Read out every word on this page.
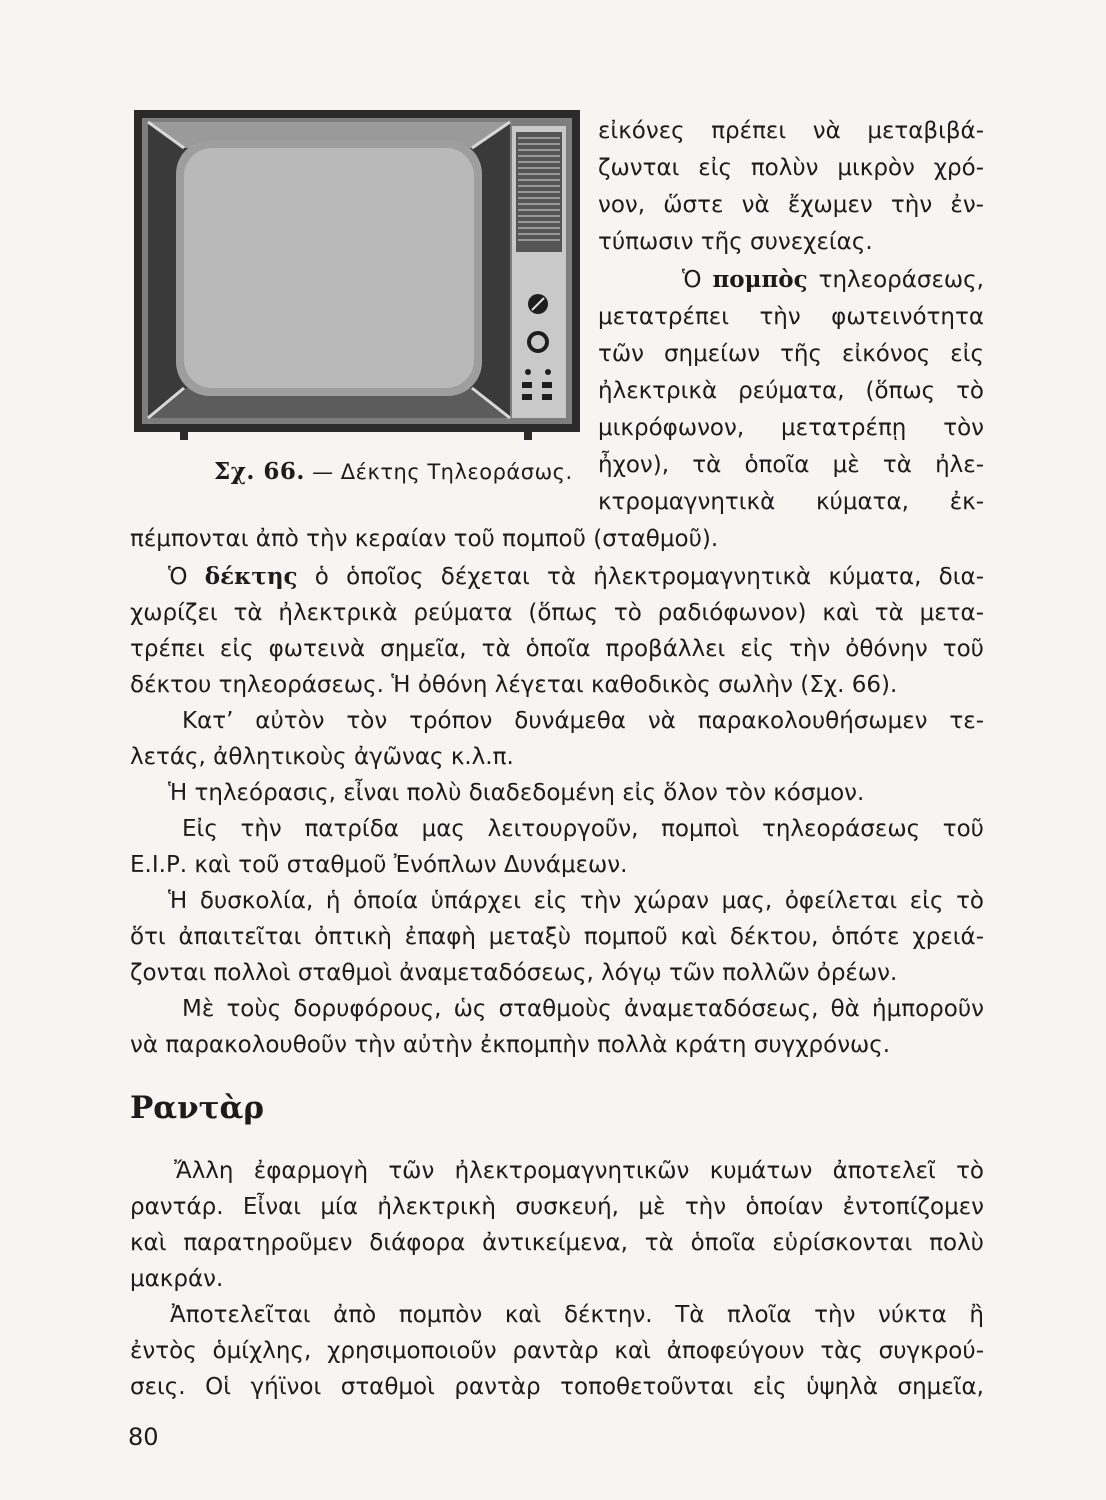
Σχ. 66. — Δέκτης Τηλεοράσως.
εἰκόνες πρέπει νὰ μεταβιβά-
ζωνται εἰς πολὺν μικρὸν χρό-
νον, ὥστε νὰ ἔχωμεν τὴν ἐν-
τύπωσιν τῆς συνεχείας.
Ὁ πομπὸς τηλεοράσεως,
μετατρέπει τὴν φωτεινότητα
τῶν σημείων τῆς εἰκόνος εἰς
ἠλεκτρικὰ ρεύματα, (ὅπως τὸ
μικρόφωνον, μετατρέπῃ τὸν
ἦχον), τὰ ὁποῖα μὲ τὰ ἠλε-
κτρομαγνητικὰ κύματα, ἐκ-
πέμπονται ἀπὸ τὴν κεραίαν τοῦ πομποῦ (σταθμοῦ).
Ὁ δέκτης ὁ ὁποῖος δέχεται τὰ ἠλεκτρομαγνητικὰ κύματα, δια-
χωρίζει τὰ ἠλεκτρικὰ ρεύματα (ὅπως τὸ ραδιόφωνον) καὶ τὰ μετα-
τρέπει εἰς φωτεινὰ σημεῖα, τὰ ὁποῖα προβάλλει εἰς τὴν ὀθόνην τοῦ
δέκτου τηλεοράσεως. Ἡ ὀθόνη λέγεται καθοδικὸς σωλὴν (Σχ. 66).
Κατ’ αὐτὸν τὸν τρόπον δυνάμεθα νὰ παρακολουθήσωμεν τε-
λετάς, ἀθλητικοὺς ἀγῶνας κ.λ.π.
Ἡ τηλεόρασις, εἶναι πολὺ διαδεδομένη εἰς ὅλον τὸν κόσμον.
Εἰς τὴν πατρίδα μας λειτουργοῦν, πομποὶ τηλεοράσεως τοῦ
Ε.Ι.Ρ. καὶ τοῦ σταθμοῦ Ἐνόπλων Δυνάμεων.
Ἡ δυσκολία, ἡ ὁποία ὑπάρχει εἰς τὴν χώραν μας, ὀφείλεται εἰς τὸ
ὅτι ἀπαιτεῖται ὀπτικὴ ἐπαφὴ μεταξὺ πομποῦ καὶ δέκτου, ὁπότε χρειά-
ζονται πολλοὶ σταθμοὶ ἀναμεταδόσεως, λόγῳ τῶν πολλῶν ὀρέων.
Μὲ τοὺς δορυφόρους, ὡς σταθμοὺς ἀναμεταδόσεως, θὰ ἠμποροῦν
νὰ παρακολουθοῦν τὴν αὐτὴν ἐκπομπὴν πολλὰ κράτη συγχρόνως.
Ραντὰρ
Ἄλλη ἐφαρμογὴ τῶν ἠλεκτρομαγνητικῶν κυμάτων ἀποτελεῖ τὸ
ραντάρ. Εἶναι μία ἠλεκτρικὴ συσκευή, μὲ τὴν ὁποίαν ἐντοπίζομεν
καὶ παρατηροῦμεν διάφορα ἀντικείμενα, τὰ ὁποῖα εὑρίσκονται πολὺ
μακράν.
Ἀποτελεῖται ἀπὸ πομπὸν καὶ δέκτην. Τὰ πλοῖα τὴν νύκτα ἢ
ἐντὸς ὁμίχλης, χρησιμοποιοῦν ραντὰρ καὶ ἀποφεύγουν τὰς συγκρού-
σεις. Οἱ γήϊνοι σταθμοὶ ραντὰρ τοποθετοῦνται εἰς ὑψηλὰ σημεῖα,
80
